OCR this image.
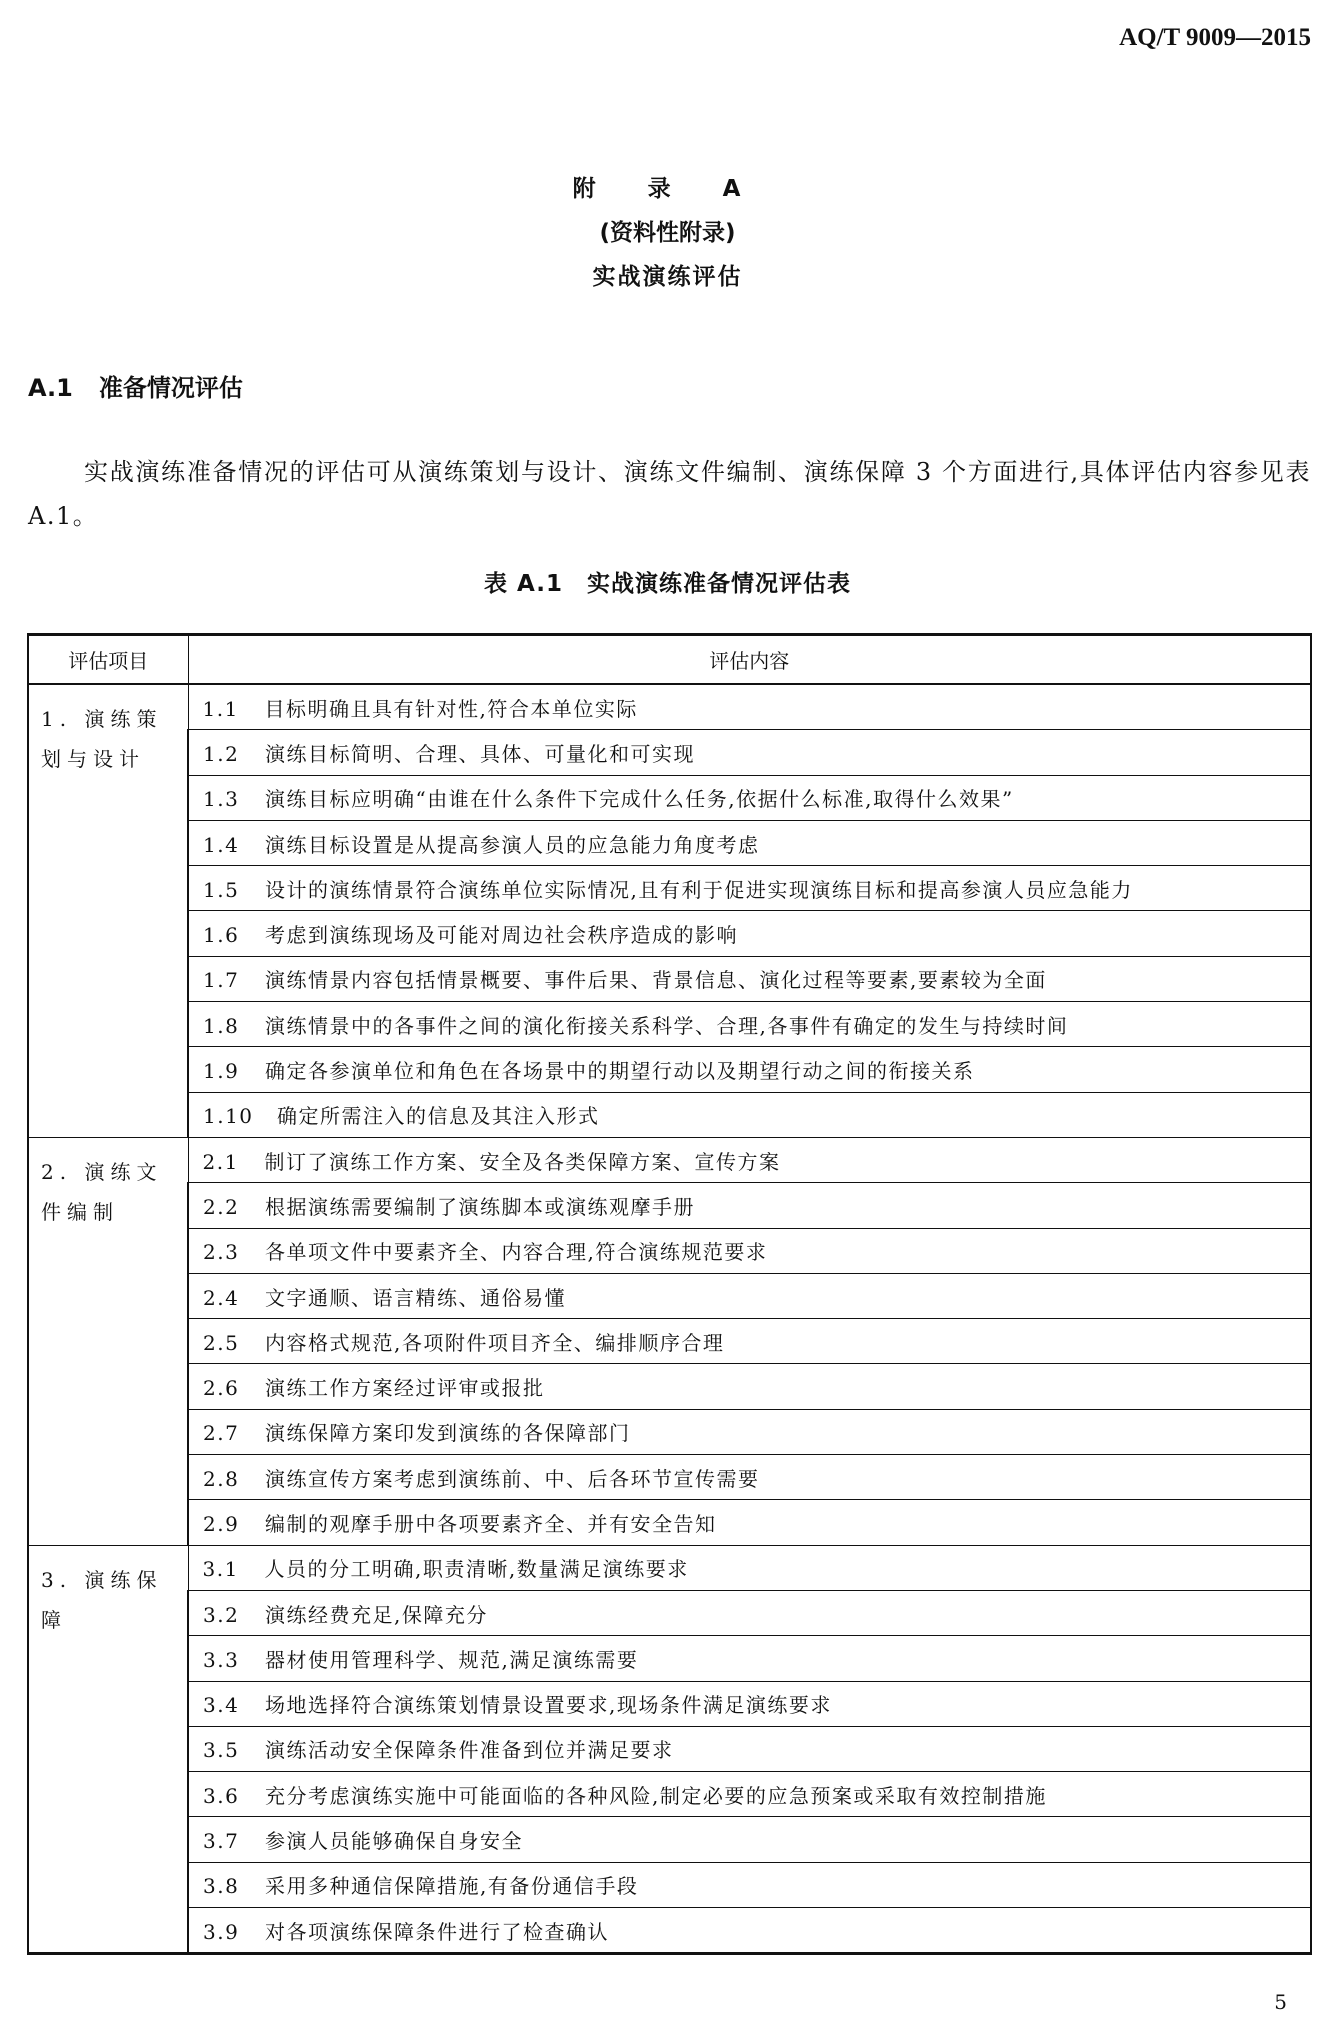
AQ/T 9009—2015
附 录 A
(资料性附录)
实战演练评估
A.1 准备情况评估
实战演练准备情况的评估可从演练策划与设计、演练文件编制、演练保障 3 个方面进行,具体评估内容参见表 A.1。
表 A.1　实战演练准备情况评估表
评估项目	评估内容
1. 演练策划与设计	1.1 目标明确且具有针对性,符合本单位实际
	1.2 演练目标简明、合理、具体、可量化和可实现
	1.3 演练目标应明确“由谁在什么条件下完成什么任务,依据什么标准,取得什么效果”
	1.4 演练目标设置是从提高参演人员的应急能力角度考虑
	1.5 设计的演练情景符合演练单位实际情况,且有利于促进实现演练目标和提高参演人员应急能力
	1.6 考虑到演练现场及可能对周边社会秩序造成的影响
	1.7 演练情景内容包括情景概要、事件后果、背景信息、演化过程等要素,要素较为全面
	1.8 演练情景中的各事件之间的演化衔接关系科学、合理,各事件有确定的发生与持续时间
	1.9 确定各参演单位和角色在各场景中的期望行动以及期望行动之间的衔接关系
	1.10 确定所需注入的信息及其注入形式
2. 演练文件编制	2.1 制订了演练工作方案、安全及各类保障方案、宣传方案
	2.2 根据演练需要编制了演练脚本或演练观摩手册
	2.3 各单项文件中要素齐全、内容合理,符合演练规范要求
	2.4 文字通顺、语言精练、通俗易懂
	2.5 内容格式规范,各项附件项目齐全、编排顺序合理
	2.6 演练工作方案经过评审或报批
	2.7 演练保障方案印发到演练的各保障部门
	2.8 演练宣传方案考虑到演练前、中、后各环节宣传需要
	2.9 编制的观摩手册中各项要素齐全、并有安全告知
3. 演练保障	3.1 人员的分工明确,职责清晰,数量满足演练要求
	3.2 演练经费充足,保障充分
	3.3 器材使用管理科学、规范,满足演练需要
	3.4 场地选择符合演练策划情景设置要求,现场条件满足演练要求
	3.5 演练活动安全保障条件准备到位并满足要求
	3.6 充分考虑演练实施中可能面临的各种风险,制定必要的应急预案或采取有效控制措施
	3.7 参演人员能够确保自身安全
	3.8 采用多种通信保障措施,有备份通信手段
	3.9 对各项演练保障条件进行了检查确认
5
